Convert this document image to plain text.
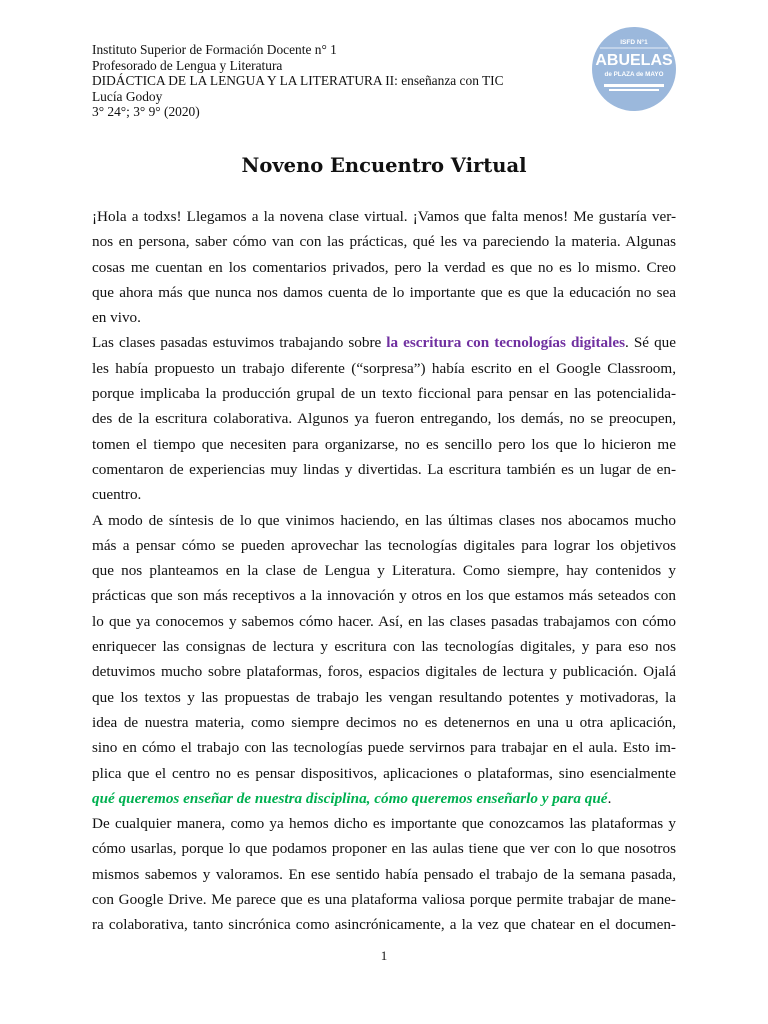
Instituto Superior de Formación Docente n° 1
Profesorado de Lengua y Literatura
DIDÁCTICA DE LA LENGUA Y LA LITERATURA II: enseñanza con TIC
Lucía Godoy
3° 24°; 3° 9° (2020)
ISFD N°1
ABUELAS
de PLAZA de MAYO
Noveno Encuentro Virtual

¡Hola a todxs! Llegamos a la novena clase virtual. ¡Vamos que falta menos! Me gustaría ver-
nos en persona, saber cómo van con las prácticas, qué les va pareciendo la materia. Algunas
cosas me cuentan en los comentarios privados, pero la verdad es que no es lo mismo. Creo
que ahora más que nunca nos damos cuenta de lo importante que es que la educación no sea
en vivo.

Las clases pasadas estuvimos trabajando sobre la escritura con tecnologías digitales. Sé que
les había propuesto un trabajo diferente (“sorpresa”) había escrito en el Google Classroom,
porque implicaba la producción grupal de un texto ficcional para pensar en las potencialida-
des de la escritura colaborativa. Algunos ya fueron entregando, los demás, no se preocupen,
tomen el tiempo que necesiten para organizarse, no es sencillo pero los que lo hicieron me
comentaron de experiencias muy lindas y divertidas. La escritura también es un lugar de en-
cuentro.

A modo de síntesis de lo que vinimos haciendo, en las últimas clases nos abocamos mucho
más a pensar cómo se pueden aprovechar las tecnologías digitales para lograr los objetivos
que nos planteamos en la clase de Lengua y Literatura. Como siempre, hay contenidos y
prácticas que son más receptivos a la innovación y otros en los que estamos más seteados con
lo que ya conocemos y sabemos cómo hacer. Así, en las clases pasadas trabajamos con cómo
enriquecer las consignas de lectura y escritura con las tecnologías digitales, y para eso nos
detuvimos mucho sobre plataformas, foros, espacios digitales de lectura y publicación. Ojalá
que los textos y las propuestas de trabajo les vengan resultando potentes y motivadoras, la
idea de nuestra materia, como siempre decimos no es detenernos en una u otra aplicación,
sino en cómo el trabajo con las tecnologías puede servirnos para trabajar en el aula. Esto im-
plica que el centro no es pensar dispositivos, aplicaciones o plataformas, sino esencialmente
qué queremos enseñar de nuestra disciplina, cómo queremos enseñarlo y para qué.

De cualquier manera, como ya hemos dicho es importante que conozcamos las plataformas y
cómo usarlas, porque lo que podamos proponer en las aulas tiene que ver con lo que nosotros
mismos sabemos y valoramos. En ese sentido había pensado el trabajo de la semana pasada,
con Google Drive. Me parece que es una plataforma valiosa porque permite trabajar de mane-
ra colaborativa, tanto sincrónica como asincrónicamente, a la vez que chatear en el documen-

1
